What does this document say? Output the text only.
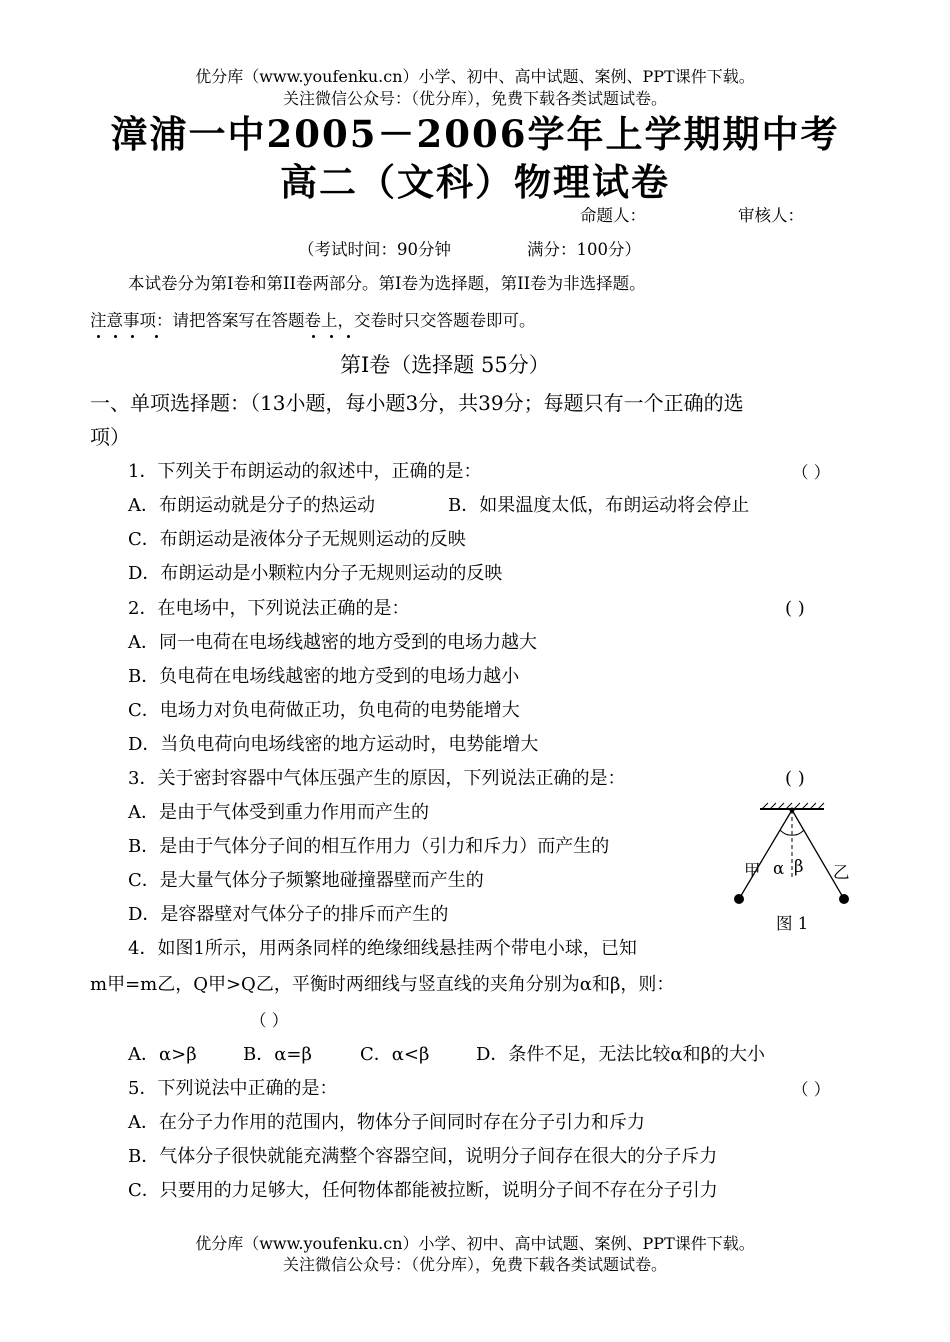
优分库（www.youfenku.cn）小学、初中、高中试题、案例、PPT课件下载。
关注微信公众号：（优分库），免费下载各类试题试卷。
漳浦一中2005－2006学年上学期期中考
高二（文科）物理试卷
命题人：	审核人：
（考试时间：90分钟	满分：100分）
本试卷分为第I卷和第II卷两部分。第I卷为选择题，第II卷为非选择题。
注意事项：请把答案写在答题卷上，交卷时只交答题卷即可。
第I卷（选择题 55分）
一、单项选择题：（13小题，每小题3分，共39分；每题只有一个正确的选
项）
1．下列关于布朗运动的叙述中，正确的是：	（ ）
A．布朗运动就是分子的热运动	B．如果温度太低，布朗运动将会停止
C．布朗运动是液体分子无规则运动的反映
D．布朗运动是小颗粒内分子无规则运动的反映
2．在电场中，下列说法正确的是：	( )
A．同一电荷在电场线越密的地方受到的电场力越大
B．负电荷在电场线越密的地方受到的电场力越小
C．电场力对负电荷做正功，负电荷的电势能增大
D．当负电荷向电场线密的地方运动时，电势能增大
3．关于密封容器中气体压强产生的原因，下列说法正确的是：	( )
A．是由于气体受到重力作用而产生的
B．是由于气体分子间的相互作用力（引力和斥力）而产生的
C．是大量气体分子频繁地碰撞器壁而产生的
D．是容器壁对气体分子的排斥而产生的
甲 α β 乙
图 1
4．如图1所示，用两条同样的绝缘细线悬挂两个带电小球，已知
m甲=m乙，Q甲>Q乙，平衡时两细线与竖直线的夹角分别为α和β，则：
（ ）
A．α>β	B．α=β	C．α<β	D．条件不足，无法比较α和β的大小
5．下列说法中正确的是：	（ ）
A．在分子力作用的范围内，物体分子间同时存在分子引力和斥力
B．气体分子很快就能充满整个容器空间，说明分子间存在很大的分子斥力
C．只要用的力足够大，任何物体都能被拉断，说明分子间不存在分子引力
优分库（www.youfenku.cn）小学、初中、高中试题、案例、PPT课件下载。
关注微信公众号：（优分库），免费下载各类试题试卷。
